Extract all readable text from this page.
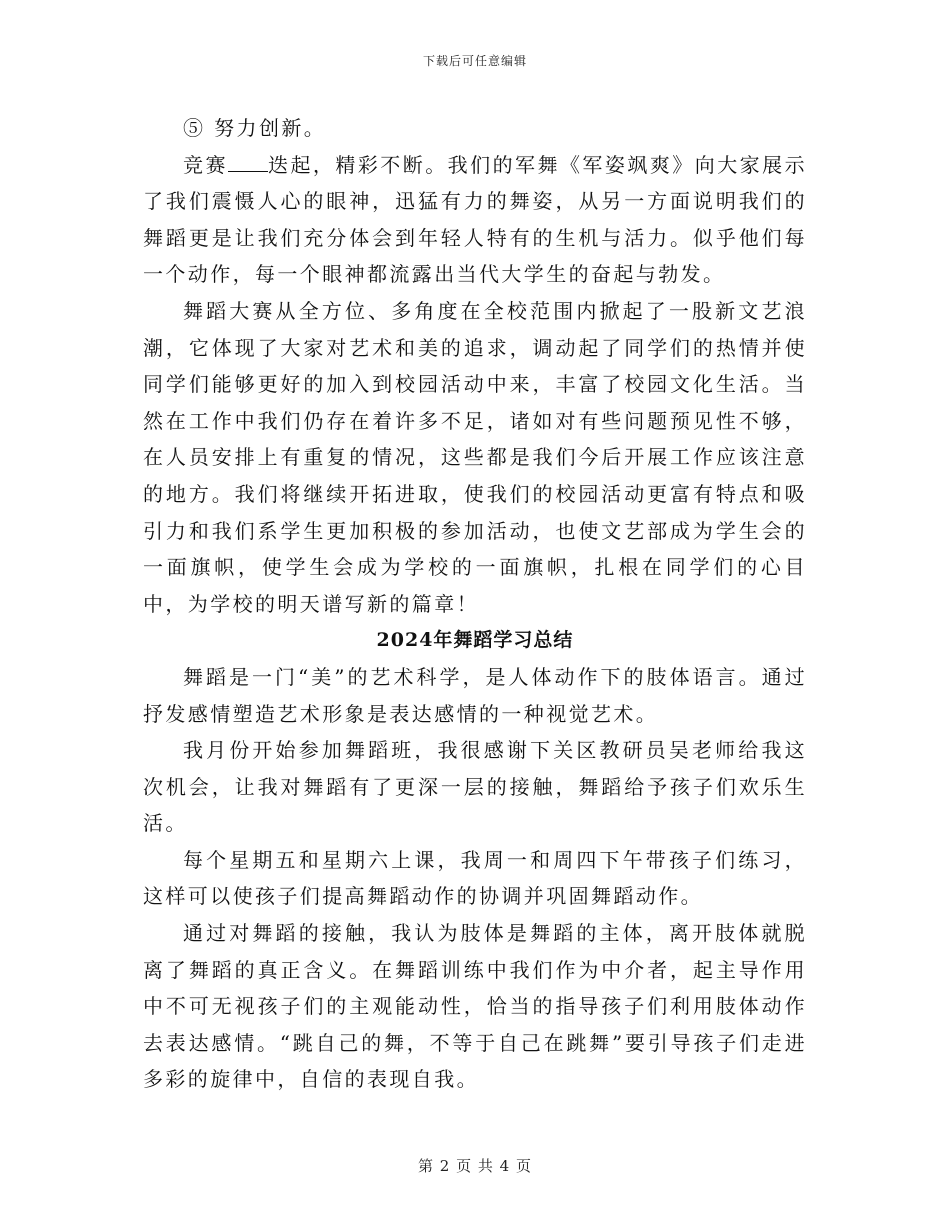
下载后可任意编辑

⑤ 努力创新。

竞赛 迭起，精彩不断。我们的军舞《军姿飒爽》向大家展示了我们震慑人心的眼神，迅猛有力的舞姿，从另一方面说明我们的舞蹈更是让我们充分体会到年轻人特有的生机与活力。似乎他们每一个动作，每一个眼神都流露出当代大学生的奋起与勃发。

舞蹈大赛从全方位、多角度在全校范围内掀起了一股新文艺浪潮，它体现了大家对艺术和美的追求，调动起了同学们的热情并使同学们能够更好的加入到校园活动中来，丰富了校园文化生活。当然在工作中我们仍存在着许多不足，诸如对有些问题预见性不够，在人员安排上有重复的情况，这些都是我们今后开展工作应该注意的地方。我们将继续开拓进取，使我们的校园活动更富有特点和吸引力和我们系学生更加积极的参加活动，也使文艺部成为学生会的一面旗帜，使学生会成为学校的一面旗帜，扎根在同学们的心目中，为学校的明天谱写新的篇章！

2024年舞蹈学习总结

舞蹈是一门“美”的艺术科学，是人体动作下的肢体语言。通过抒发感情塑造艺术形象是表达感情的一种视觉艺术。

我月份开始参加舞蹈班，我很感谢下关区教研员吴老师给我这次机会，让我对舞蹈有了更深一层的接触，舞蹈给予孩子们欢乐生活。

每个星期五和星期六上课，我周一和周四下午带孩子们练习，这样可以使孩子们提高舞蹈动作的协调并巩固舞蹈动作。

通过对舞蹈的接触，我认为肢体是舞蹈的主体，离开肢体就脱离了舞蹈的真正含义。在舞蹈训练中我们作为中介者，起主导作用中不可无视孩子们的主观能动性，恰当的指导孩子们利用肢体动作去表达感情。“跳自己的舞，不等于自己在跳舞”要引导孩子们走进多彩的旋律中，自信的表现自我。

第 2 页 共 4 页
